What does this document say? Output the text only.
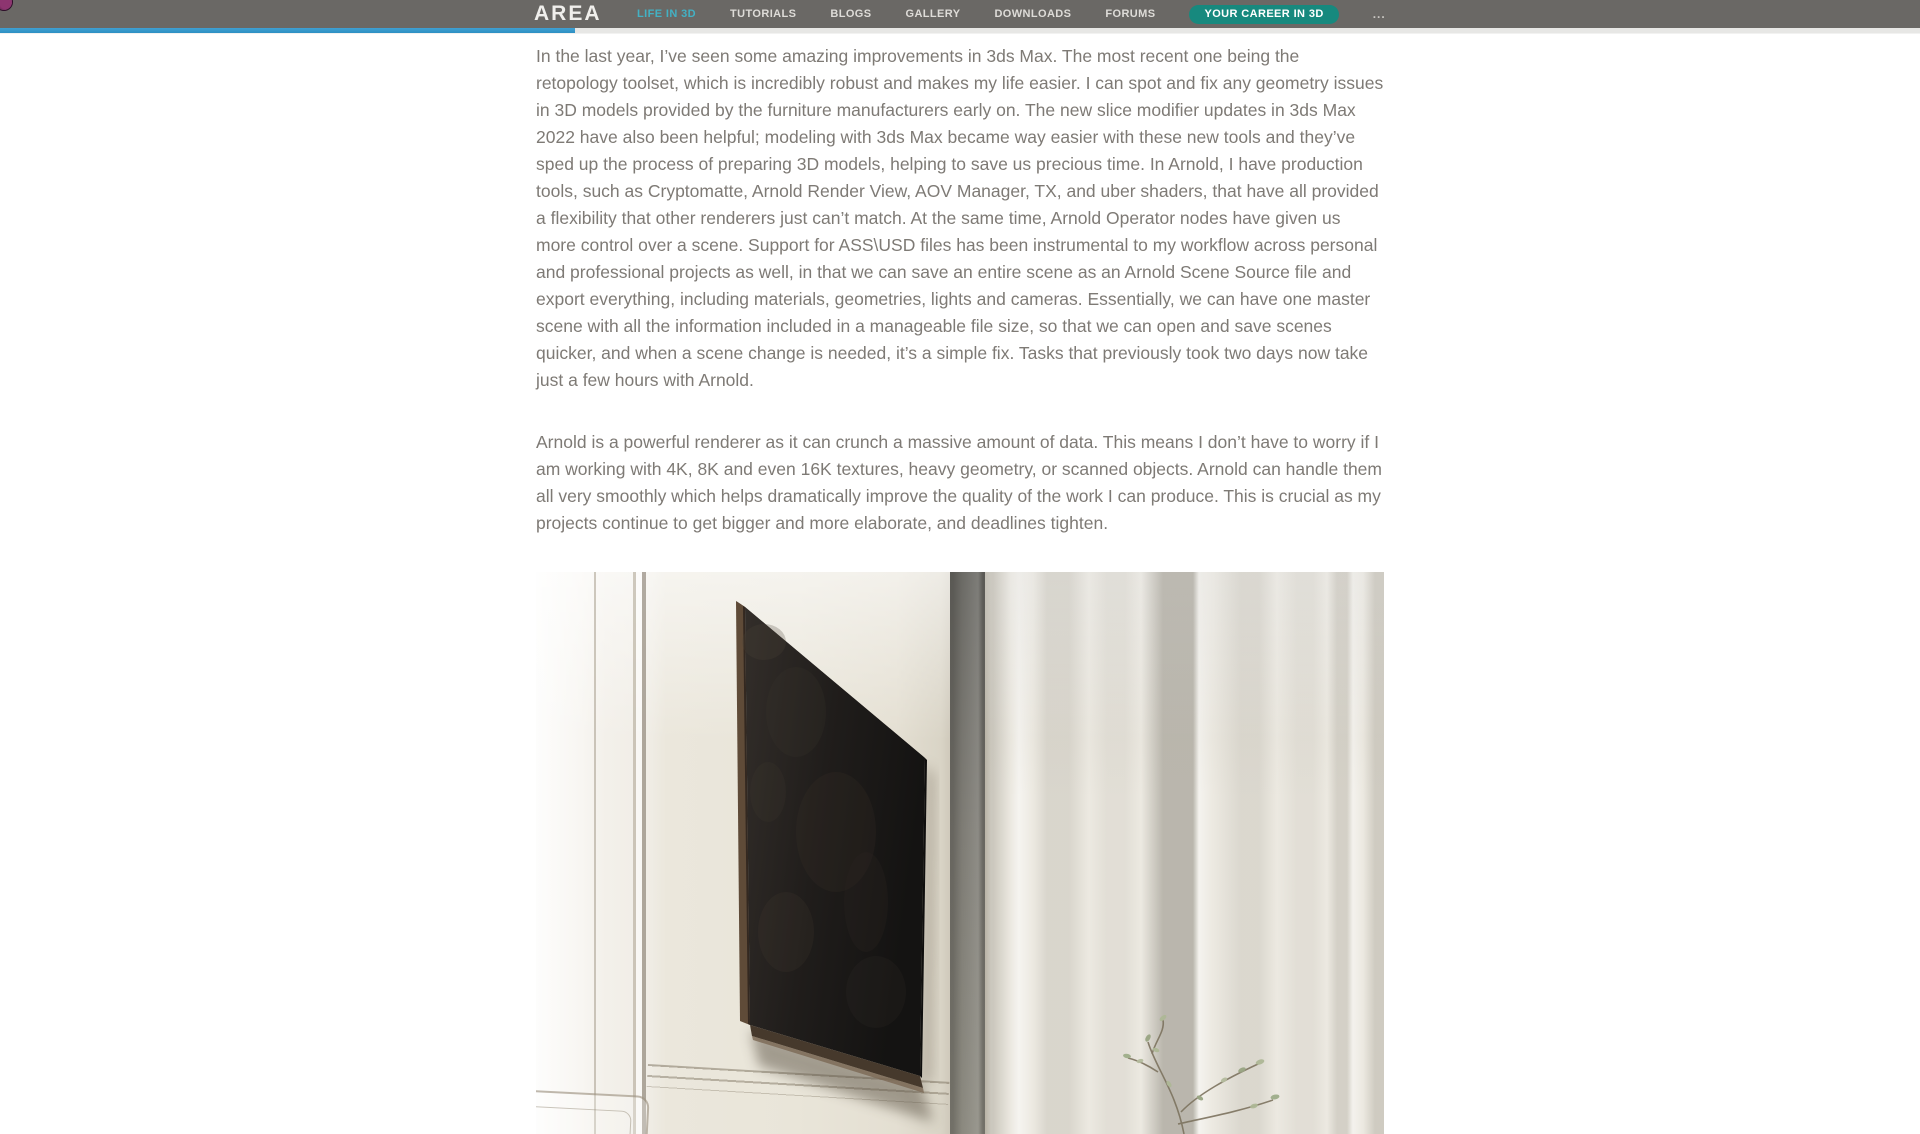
AREA	LIFE IN 3D	TUTORIALS	BLOGS	GALLERY	DOWNLOADS	FORUMS	YOUR CAREER IN 3D	...

In the last year, I’ve seen some amazing improvements in 3ds Max. The most recent one being the retopology toolset, which is incredibly robust and makes my life easier. I can spot and fix any geometry issues in 3D models provided by the furniture manufacturers early on. The new slice modifier updates in 3ds Max 2022 have also been helpful; modeling with 3ds Max became way easier with these new tools and they’ve sped up the process of preparing 3D models, helping to save us precious time. In Arnold, I have production tools, such as Cryptomatte, Arnold Render View, AOV Manager, TX, and uber shaders, that have all provided a flexibility that other renderers just can’t match. At the same time, Arnold Operator nodes have given us more control over a scene. Support for ASS\USD files has been instrumental to my workflow across personal and professional projects as well, in that we can save an entire scene as an Arnold Scene Source file and export everything, including materials, geometries, lights and cameras. Essentially, we can have one master scene with all the information included in a manageable file size, so that we can open and save scenes quicker, and when a scene change is needed, it’s a simple fix. Tasks that previously took two days now take just a few hours with Arnold.

Arnold is a powerful renderer as it can crunch a massive amount of data. This means I don’t have to worry if I am working with 4K, 8K and even 16K textures, heavy geometry, or scanned objects. Arnold can handle them all very smoothly which helps dramatically improve the quality of the work I can produce. This is crucial as my projects continue to get bigger and more elaborate, and deadlines tighten.
